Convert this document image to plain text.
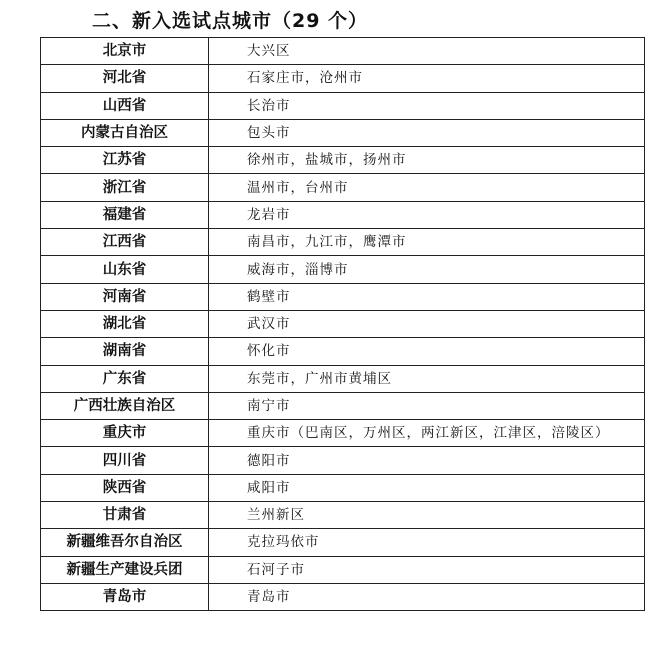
二、新入选试点城市（29 个）
北京市	大兴区
河北省	石家庄市，沧州市
山西省	长治市
内蒙古自治区	包头市
江苏省	徐州市，盐城市，扬州市
浙江省	温州市，台州市
福建省	龙岩市
江西省	南昌市，九江市，鹰潭市
山东省	威海市，淄博市
河南省	鹤壁市
湖北省	武汉市
湖南省	怀化市
广东省	东莞市，广州市黄埔区
广西壮族自治区	南宁市
重庆市	重庆市（巴南区，万州区，两江新区，江津区，涪陵区）
四川省	德阳市
陕西省	咸阳市
甘肃省	兰州新区
新疆维吾尔自治区	克拉玛依市
新疆生产建设兵团	石河子市
青岛市	青岛市
